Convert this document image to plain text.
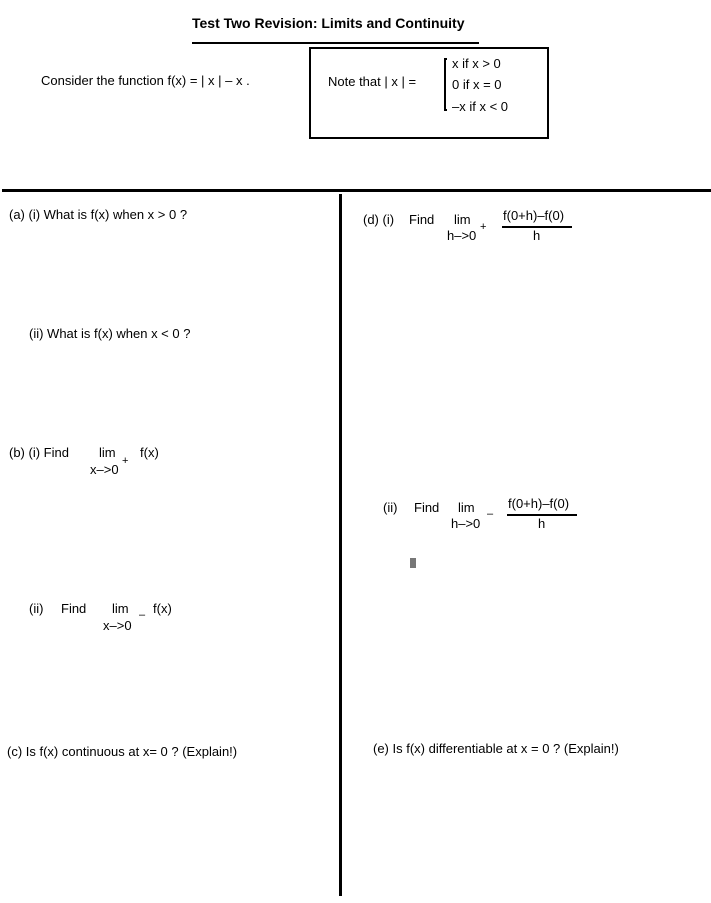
Test Two Revision: Limits and Continuity
Consider the function f(x) = | x | – x .	Note that | x | =
x if x > 0
0 if x = 0
–x if x < 0
(a) (i) What is f(x) when x > 0 ?
(ii) What is f(x) when x < 0 ?
(b) (i) Find lim
x–>0
+
f(x)
(ii) Find lim
x–>0
– f(x)
(c) Is f(x) continuous at x= 0 ? (Explain!)
(d) (i) Find lim
h–>0
+
f(0+h)–f(0)
h
(ii) Find lim
h–>0
–
f(0+h)–f(0)
h
(e) Is f(x) differentiable at x = 0 ? (Explain!)
